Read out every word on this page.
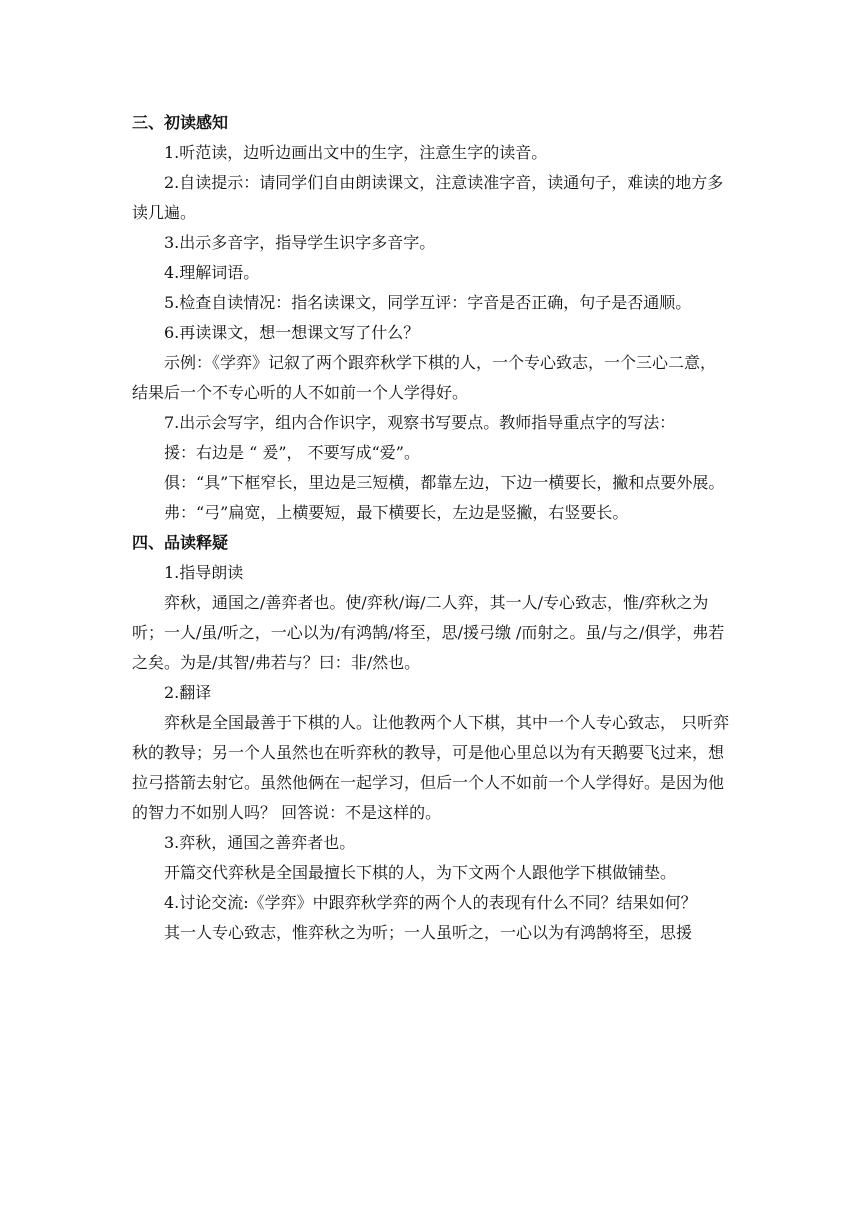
三、初读感知
1.听范读，边听边画出文中的生字，注意生字的读音。
2.自读提示：请同学们自由朗读课文，注意读准字音，读通句子，难读的地方多读几遍。
3.出示多音字，指导学生识字多音字。
4.理解词语。
5.检查自读情况：指名读课文，同学互评：字音是否正确，句子是否通顺。
6.再读课文，想一想课文写了什么？
示例：《学弈》记叙了两个跟弈秋学下棋的人，一个专心致志，一个三心二意，结果后一个不专心听的人不如前一个人学得好。
7.出示会写字，组内合作识字，观察书写要点。教师指导重点字的写法：
援：右边是 “ 爰”， 不要写成“爱”。
俱：“具”下框窄长，里边是三短横，都靠左边，下边一横要长，撇和点要外展。
弗：“弓”扁宽，上横要短，最下横要长，左边是竖撇，右竖要长。
四、品读释疑
1.指导朗读
弈秋，通国之/善弈者也。使/弈秋/诲/二人弈，其一人/专心致志，惟/弈秋之为听；一人/虽/听之，一心以为/有鸿鹄/将至，思/援弓缴 /而射之。虽/与之/俱学，弗若之矣。为是/其智/弗若与？曰：非/然也。
2.翻译
弈秋是全国最善于下棋的人。让他教两个人下棋，其中一个人专心致志， 只听弈秋的教导；另一个人虽然也在听弈秋的教导，可是他心里总以为有天鹅要飞过来，想拉弓搭箭去射它。虽然他俩在一起学习，但后一个人不如前一个人学得好。是因为他的智力不如别人吗？ 回答说：不是这样的。
3.弈秋，通国之善弈者也。
开篇交代弈秋是全国最擅长下棋的人，为下文两个人跟他学下棋做铺垫。
4.讨论交流:《学弈》中跟弈秋学弈的两个人的表现有什么不同？结果如何？
其一人专心致志，惟弈秋之为听；一人虽听之，一心以为有鸿鹄将至，思援
